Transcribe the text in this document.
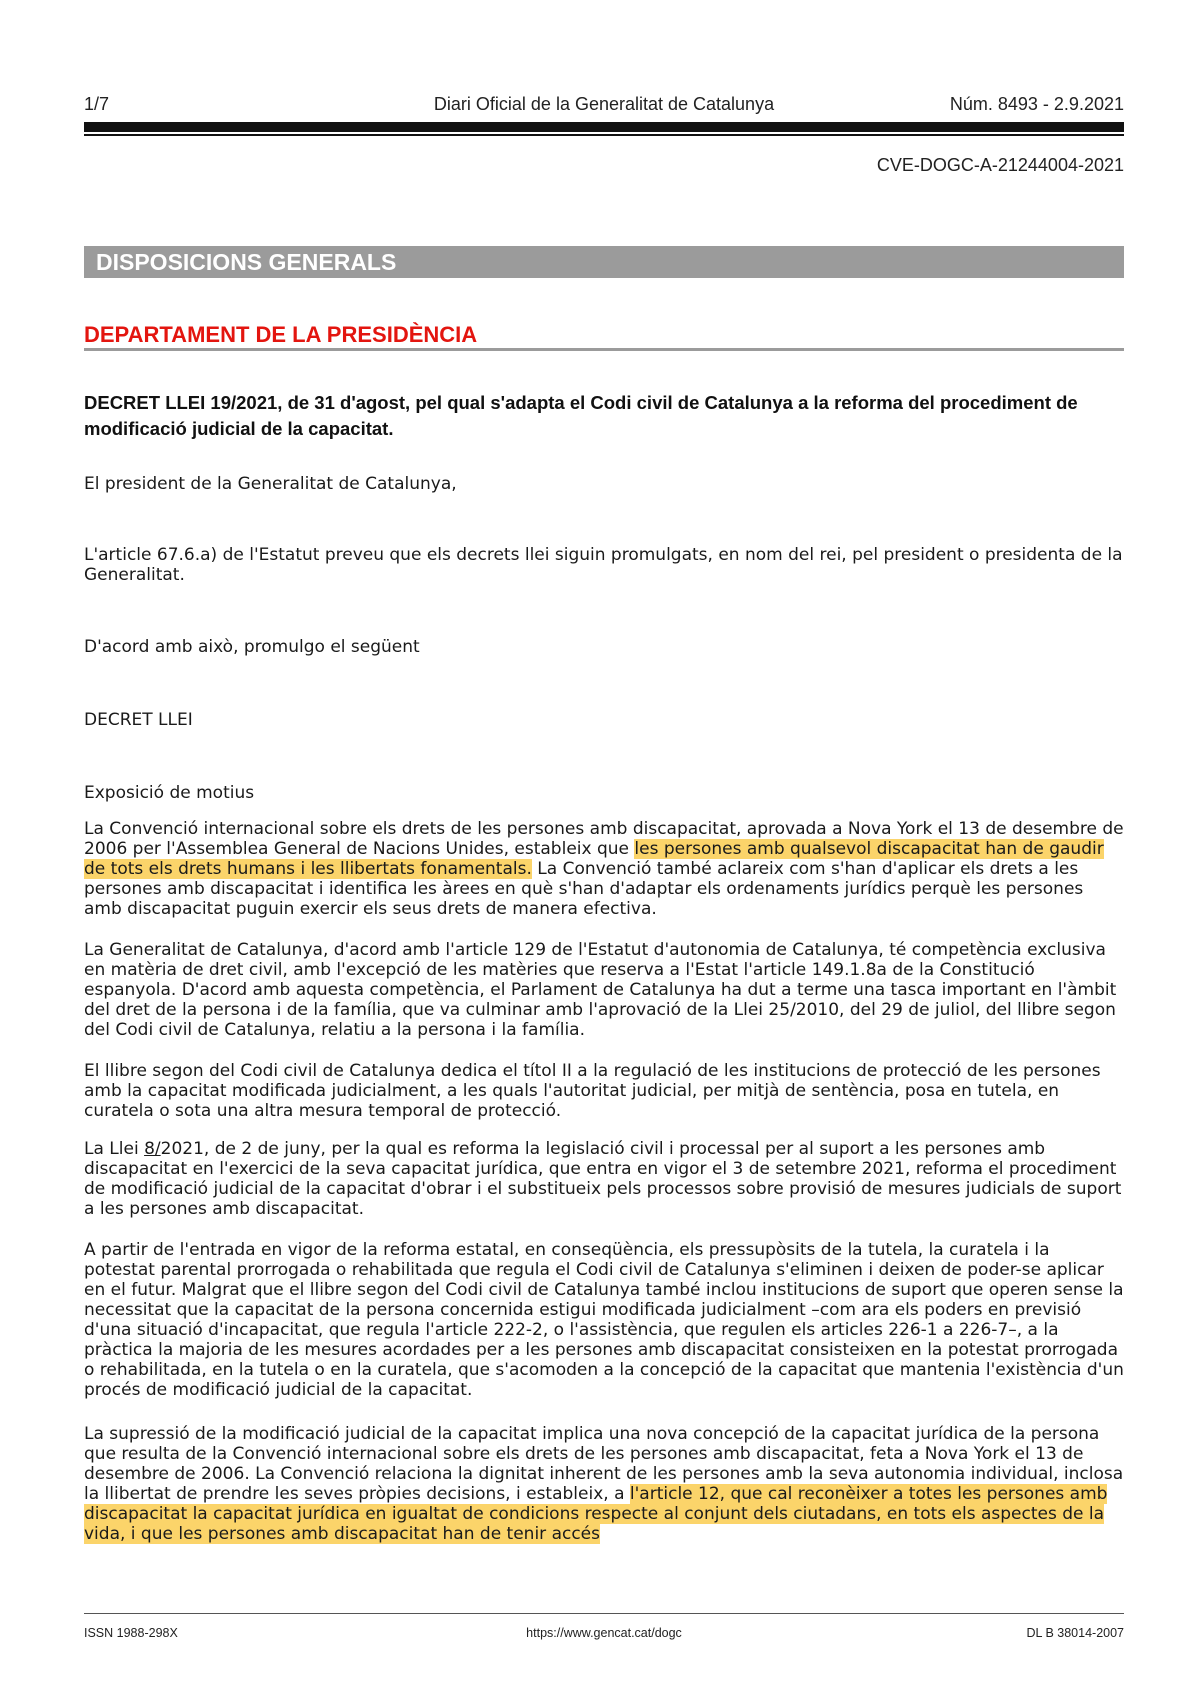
1/7	Diari Oficial de la Generalitat de Catalunya	Núm. 8493 - 2.9.2021
CVE-DOGC-A-21244004-2021
DISPOSICIONS GENERALS
DEPARTAMENT DE LA PRESIDÈNCIA
DECRET LLEI 19/2021, de 31 d'agost, pel qual s'adapta el Codi civil de Catalunya a la reforma del procediment de modificació judicial de la capacitat.
El president de la Generalitat de Catalunya,
L'article 67.6.a) de l'Estatut preveu que els decrets llei siguin promulgats, en nom del rei, pel president o presidenta de la Generalitat.
D'acord amb això, promulgo el següent
DECRET LLEI
Exposició de motius
La Convenció internacional sobre els drets de les persones amb discapacitat, aprovada a Nova York el 13 de desembre de 2006 per l'Assemblea General de Nacions Unides, estableix que les persones amb qualsevol discapacitat han de gaudir de tots els drets humans i les llibertats fonamentals. La Convenció també aclareix com s'han d'aplicar els drets a les persones amb discapacitat i identifica les àrees en què s'han d'adaptar els ordenaments jurídics perquè les persones amb discapacitat puguin exercir els seus drets de manera efectiva.
La Generalitat de Catalunya, d'acord amb l'article 129 de l'Estatut d'autonomia de Catalunya, té competència exclusiva en matèria de dret civil, amb l'excepció de les matèries que reserva a l'Estat l'article 149.1.8a de la Constitució espanyola. D'acord amb aquesta competència, el Parlament de Catalunya ha dut a terme una tasca important en l'àmbit del dret de la persona i de la família, que va culminar amb l'aprovació de la Llei 25/2010, del 29 de juliol, del llibre segon del Codi civil de Catalunya, relatiu a la persona i la família.
El llibre segon del Codi civil de Catalunya dedica el títol II a la regulació de les institucions de protecció de les persones amb la capacitat modificada judicialment, a les quals l'autoritat judicial, per mitjà de sentència, posa en tutela, en curatela o sota una altra mesura temporal de protecció.
La Llei 8/2021, de 2 de juny, per la qual es reforma la legislació civil i processal per al suport a les persones amb discapacitat en l'exercici de la seva capacitat jurídica, que entra en vigor el 3 de setembre 2021, reforma el procediment de modificació judicial de la capacitat d'obrar i el substitueix pels processos sobre provisió de mesures judicials de suport a les persones amb discapacitat.
A partir de l'entrada en vigor de la reforma estatal, en conseqüència, els pressupòsits de la tutela, la curatela i la potestat parental prorrogada o rehabilitada que regula el Codi civil de Catalunya s'eliminen i deixen de poder-se aplicar en el futur. Malgrat que el llibre segon del Codi civil de Catalunya també inclou institucions de suport que operen sense la necessitat que la capacitat de la persona concernida estigui modificada judicialment –com ara els poders en previsió d'una situació d'incapacitat, que regula l'article 222-2, o l'assistència, que regulen els articles 226-1 a 226-7–, a la pràctica la majoria de les mesures acordades per a les persones amb discapacitat consisteixen en la potestat prorrogada o rehabilitada, en la tutela o en la curatela, que s'acomoden a la concepció de la capacitat que mantenia l'existència d'un procés de modificació judicial de la capacitat.
La supressió de la modificació judicial de la capacitat implica una nova concepció de la capacitat jurídica de la persona que resulta de la Convenció internacional sobre els drets de les persones amb discapacitat, feta a Nova York el 13 de desembre de 2006. La Convenció relaciona la dignitat inherent de les persones amb la seva autonomia individual, inclosa la llibertat de prendre les seves pròpies decisions, i estableix, a l'article 12, que cal reconèixer a totes les persones amb discapacitat la capacitat jurídica en igualtat de condicions respecte al conjunt dels ciutadans, en tots els aspectes de la vida, i que les persones amb discapacitat han de tenir accés
ISSN 1988-298X	https://www.gencat.cat/dogc	DL B 38014-2007
